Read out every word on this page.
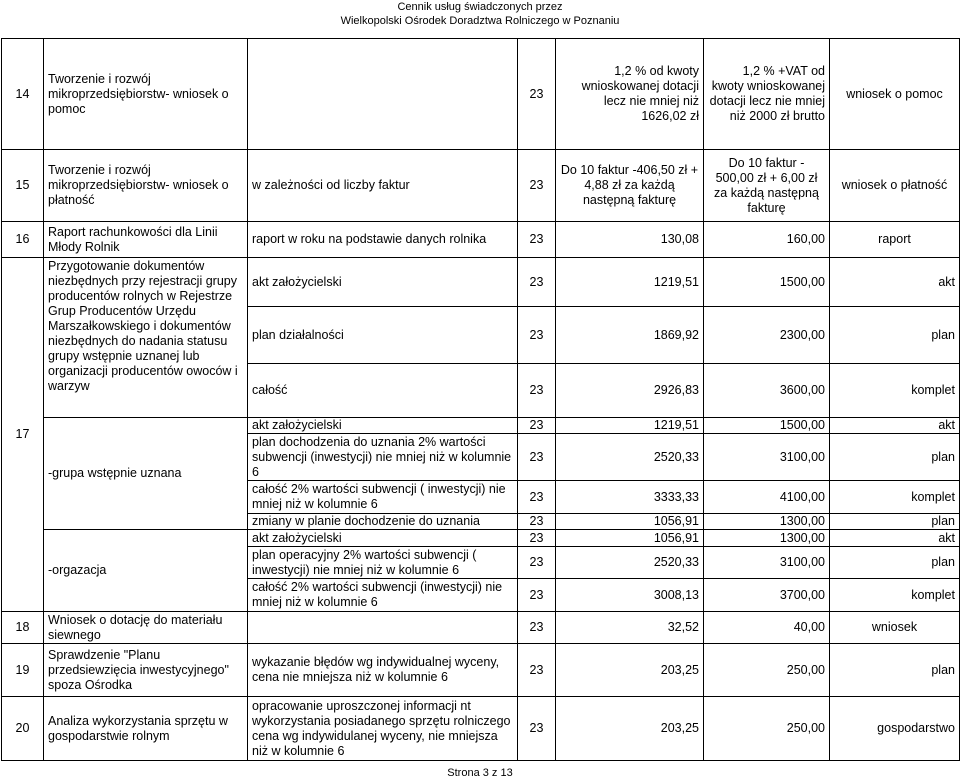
Cennik usług świadczonych przez
Wielkopolski Ośrodek Doradztwa Rolniczego w Poznaniu
14	Tworzenie i rozwój mikroprzedsiębiorstw- wniosek o pomoc		23	1,2 % od kwoty wnioskowanej dotacji lecz nie mniej niż 1626,02 zł	1,2 % +VAT od kwoty wnioskowanej dotacji lecz nie mniej niż 2000 zł brutto	wniosek o pomoc
15	Tworzenie i rozwój mikroprzedsiębiorstw- wniosek o płatność	w zależności od liczby faktur	23	Do 10 faktur -406,50 zł + 4,88 zł za każdą następną fakturę	Do 10 faktur - 500,00 zł + 6,00 zł za każdą następną fakturę	wniosek o płatność
16	Raport rachunkowości dla Linii Młody Rolnik	raport w roku na podstawie danych rolnika	23	130,08	160,00	raport
17	Przygotowanie dokumentów niezbędnych przy rejestracji grupy producentów rolnych w Rejestrze Grup Producentów Urzędu Marszałkowskiego i dokumentów niezbędnych do nadania statusu grupy wstępnie uznanej lub organizacji producentów owoców i warzyw	akt założycielski	23	1219,51	1500,00	akt
		plan działalności	23	1869,92	2300,00	plan
		całość	23	2926,83	3600,00	komplet
	-grupa wstępnie uznana	akt założycielski	23	1219,51	1500,00	akt
		plan dochodzenia do uznania 2% wartości subwencji (inwestycji) nie mniej niż w kolumnie 6	23	2520,33	3100,00	plan
		całość 2% wartości subwencji ( inwestycji) nie mniej niż w kolumnie 6	23	3333,33	4100,00	komplet
		zmiany w planie dochodzenie do uznania	23	1056,91	1300,00	plan
	-orgazacja	akt założycielski	23	1056,91	1300,00	akt
		plan operacyjny 2% wartości subwencji ( inwestycji) nie mniej niż w kolumnie 6	23	2520,33	3100,00	plan
		całość 2% wartości subwencji (inwestycji) nie mniej niż w kolumnie 6	23	3008,13	3700,00	komplet
18	Wniosek o dotację do materiału siewnego		23	32,52	40,00	wniosek
19	Sprawdzenie "Planu przedsiewzięcia inwestycyjnego" spoza Ośrodka	wykazanie błędów wg indywidualnej wyceny, cena nie mniejsza niż w kolumnie 6	23	203,25	250,00	plan
20	Analiza wykorzystania sprzętu w gospodarstwie rolnym	opracowanie uproszczonej informacji nt wykorzystania posiadanego sprzętu rolniczego cena wg indywidulanej wyceny, nie mniejsza niż w kolumnie 6	23	203,25	250,00	gospodarstwo
Strona 3 z 13
